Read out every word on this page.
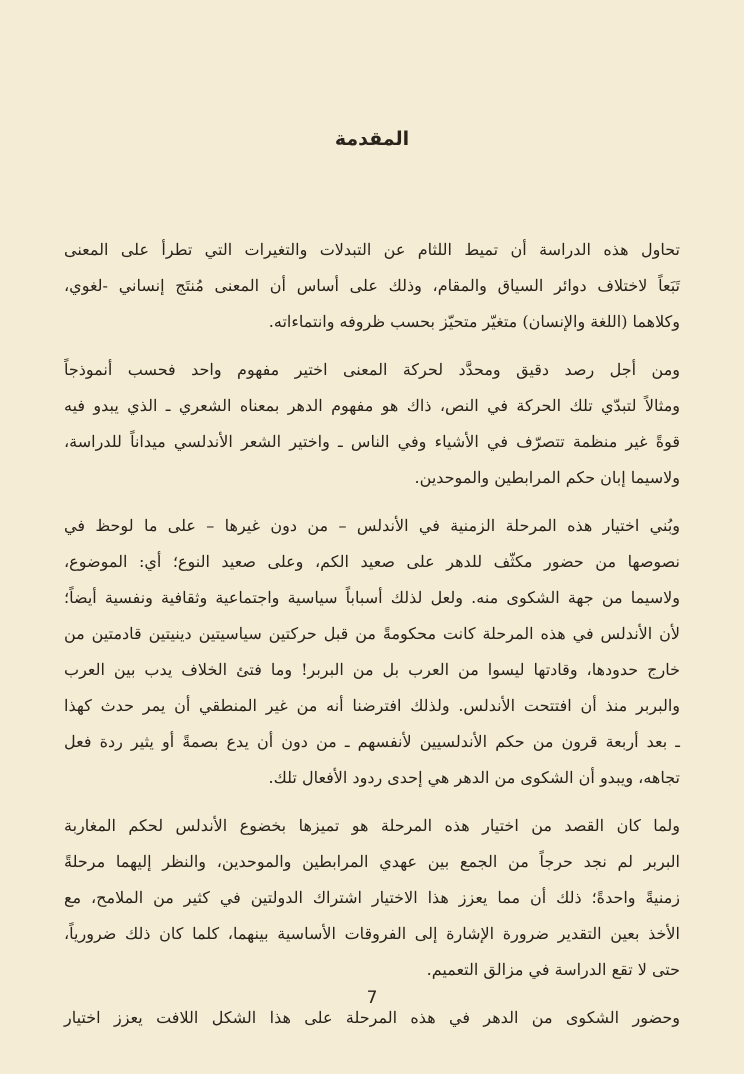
المقدمة
تحاول هذه الدراسة أن تميط اللثام عن التبدلات والتغيرات التي تطرأ على المعنى
تَبَعاً لاختلاف دوائر السياق والمقام، وذلك على أساس أن المعنى مُنتَج إنساني -لغوي،
وكلاهما (اللغة والإنسان) متغيّر متحيّز بحسب ظروفه وانتماءاته.
ومن أجل رصد دقيق ومحدَّد لحركة المعنى اختير مفهوم واحد فحسب أنموذجاً
ومثالاً لتبدّي تلك الحركة في النص، ذاك هو مفهوم الدهر بمعناه الشعري ـ الذي يبدو فيه
قوةً غير منظمة تتصرّف في الأشياء وفي الناس ـ واختير الشعر الأندلسي ميداناً للدراسة،
ولاسيما إبان حكم المرابطين والموحدين.
وبُني اختيار هذه المرحلة الزمنية في الأندلس – من دون غيرها – على ما لوحظ في
نصوصها من حضور مكثّف للدهر على صعيد الكم، وعلى صعيد النوع؛ أي: الموضوع،
ولاسيما من جهة الشكوى منه. ولعل لذلك أسباباً سياسية واجتماعية وثقافية ونفسية أيضاً؛
لأن الأندلس في هذه المرحلة كانت محكومةً من قبل حركتين سياسيتين دينيتين قادمتين من
خارج حدودها، وقادتها ليسوا من العرب بل من البربر! وما فتئ الخلاف يدب بين العرب
والبربر منذ أن افتتحت الأندلس. ولذلك افترضنا أنه من غير المنطقي أن يمر حدث كهذا
ـ بعد أربعة قرون من حكم الأندلسيين لأنفسهم ـ من دون أن يدع بصمةً أو يثير ردة فعل
تجاهه، ويبدو أن الشكوى من الدهر هي إحدى ردود الأفعال تلك.
ولما كان القصد من اختيار هذه المرحلة هو تميزها بخضوع الأندلس لحكم المغاربة
البربر لم نجد حرجاً من الجمع بين عهدي المرابطين والموحدين، والنظر إليهما مرحلةً
زمنيةً واحدةً؛ ذلك أن مما يعزز هذا الاختيار اشتراك الدولتين في كثير من الملامح، مع
الأخذ بعين التقدير ضرورة الإشارة إلى الفروقات الأساسية بينهما، كلما كان ذلك ضرورياً،
حتى لا تقع الدراسة في مزالق التعميم.
وحضور الشكوى من الدهر في هذه المرحلة على هذا الشكل اللافت يعزز اختيار
7
